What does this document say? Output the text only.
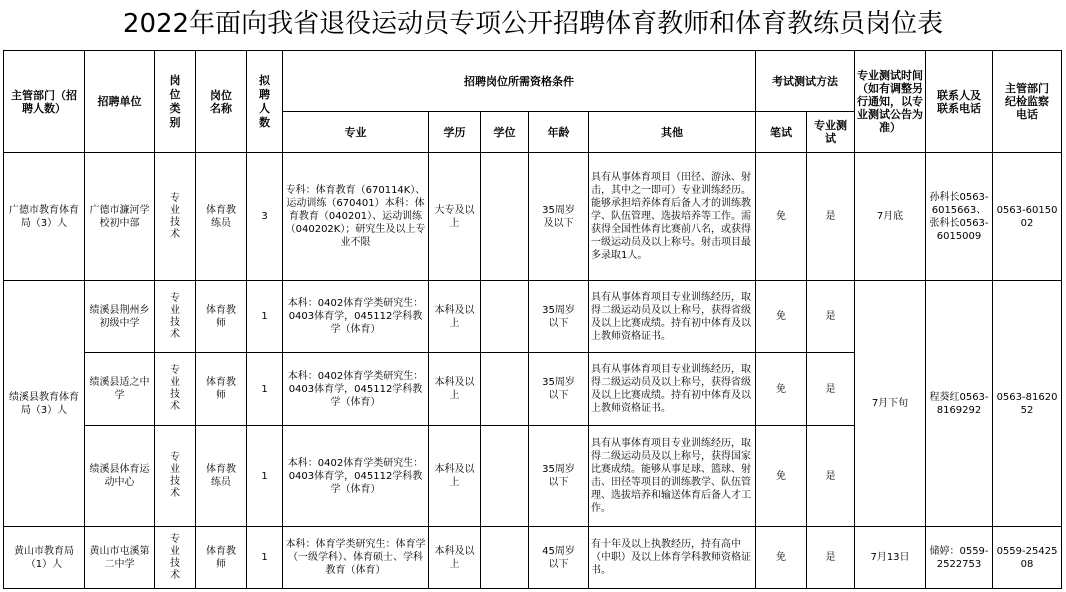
2022年面向我省退役运动员专项公开招聘体育教师和体育教练员岗位表
主管部门（招聘人数）	招聘单位	岗位类别	岗位名称	拟聘人数	招聘岗位所需资格条件					考试测试方法		专业测试时间（如有调整另行通知，以专业测试公告为准）	联系人及联系电话	主管部门纪检监察电话
					专业	学历	学位	年龄	其他	笔试	专业测试			
广德市教育体育局（3）人	广德市濂河学校初中部	专业技术	体育教练员	3	专科：体育教育（670114K）、运动训练（670401）本科：体育教育（040201）、运动训练（040202K）；研究生及以上专业不限	大专及以上		35周岁及以下	具有从事体育项目（田径、游泳、射击，其中之一即可）专业训练经历。能够承担培养体育后备人才的训练教学、队伍管理、选拔培养等工作。需获得全国性体育比赛前八名，或获得一级运动员及以上称号。射击项目最多录取1人。	免	是	7月底	孙科长0563-6015663、张科长0563-6015009	0563-6015002
绩溪县教育体育局（3）人	绩溪县荆州乡初级中学	专业技术	体育教师	1	本科：0402体育学类研究生：0403体育学，045112学科教学（体育）	本科及以上		35周岁以下	具有从事体育项目专业训练经历，取得二级运动员及以上称号，获得省级及以上比赛成绩。持有初中体育及以上教师资格证书。	免	是	7月下旬	程葵红0563-8169292	0563-8162052
	绩溪县适之中学	专业技术	体育教师	1	本科：0402体育学类研究生：0403体育学，045112学科教学（体育）	本科及以上		35周岁以下	具有从事体育项目专业训练经历，取得二级运动员及以上称号，获得省级及以上比赛成绩。持有初中体育及以上教师资格证书。	免	是			
	绩溪县体育运动中心	专业技术	体育教练员	1	本科：0402体育学类研究生：0403体育学，045112学科教学（体育）	本科及以上		35周岁以下	具有从事体育项目专业训练经历，取得二级运动员及以上称号，获得国家比赛成绩。能够从事足球、篮球、射击、田径等项目的训练教学、队伍管理、选拔培养和输送体育后备人才工作。	免	是			
黄山市教育局（1）人	黄山市屯溪第二中学	专业技术	体育教师	1	本科：体育学类研究生：体育学（一级学科）、体育硕士、学科教育（体育）	本科及以上		45周岁以下	有十年及以上执教经历，持有高中（中职）及以上体育学科教师资格证书。	免	是	7月13日	储婷：0559-2522753	0559-2542508
